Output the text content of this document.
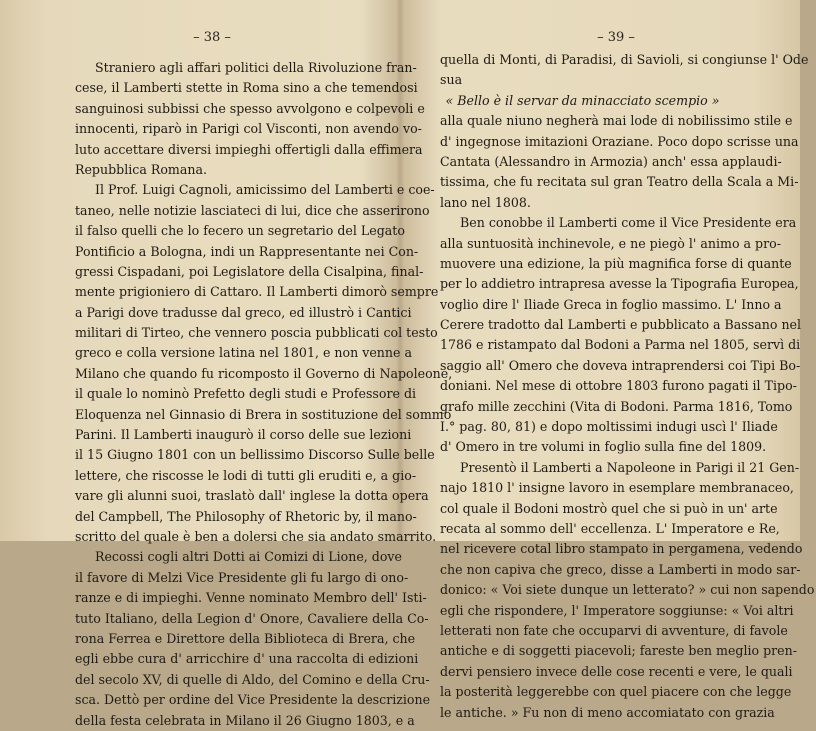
– 38 –
Straniero agli affari politici della Rivoluzione fran-
cese, il Lamberti stette in Roma sino a che temendosi
sanguinosi subbissi che spesso avvolgono e colpevoli e
innocenti, riparò in Parigi col Visconti, non avendo vo-
luto accettare diversi impieghi offertigli dalla effimera
Repubblica Romana.
Il Prof. Luigi Cagnoli, amicissimo del Lamberti e coe-
taneo, nelle notizie lasciateci di lui, dice che asserirono
il falso quelli che lo fecero un segretario del Legato
Pontificio a Bologna, indi un Rappresentante nei Con-
gressi Cispadani, poi Legislatore della Cisalpina, final-
mente prigioniero di Cattaro. Il Lamberti dimorò sempre
a Parigi dove tradusse dal greco, ed illustrò i Cantici
militari di Tirteo, che vennero poscia pubblicati col testo
greco e colla versione latina nel 1801, e non venne a
Milano che quando fu ricomposto il Governo di Napoleone,
il quale lo nominò Prefetto degli studi e Professore di
Eloquenza nel Ginnasio di Brera in sostituzione del sommo
Parini. Il Lamberti inaugurò il corso delle sue lezioni
il 15 Giugno 1801 con un bellissimo Discorso Sulle belle
lettere, che riscosse le lodi di tutti gli eruditi e, a gio-
vare gli alunni suoi, traslatò dall' inglese la dotta opera
del Campbell, The Philosophy of Rhetoric by, il mano-
scritto del quale è ben a dolersi che sia andato smarrito.
Recossi cogli altri Dotti ai Comizi di Lione, dove
il favore di Melzi Vice Presidente gli fu largo di ono-
ranze e di impieghi. Venne nominato Membro dell' Isti-
tuto Italiano, della Legion d' Onore, Cavaliere della Co-
rona Ferrea e Direttore della Biblioteca di Brera, che
egli ebbe cura d' arricchire d' una raccolta di edizioni
del secolo XV, di quelle di Aldo, del Comino e della Cru-
sca. Dettò per ordine del Vice Presidente la descrizione
della festa celebrata in Milano il 26 Giugno 1803, e a
– 39 –
quella di Monti, di Paradisi, di Savioli, si congiunse l' Ode
sua
« Bello è il servar da minacciato scempio »
alla quale niuno negherà mai lode di nobilissimo stile e
d' ingegnose imitazioni Oraziane. Poco dopo scrisse una
Cantata (Alessandro in Armozia) anch' essa applaudi-
tissima, che fu recitata sul gran Teatro della Scala a Mi-
lano nel 1808.
Ben conobbe il Lamberti come il Vice Presidente era
alla suntuosità inchinevole, e ne piegò l' animo a pro-
muovere una edizione, la più magnifica forse di quante
per lo addietro intrapresa avesse la Tipografia Europea,
voglio dire l' Iliade Greca in foglio massimo. L' Inno a
Cerere tradotto dal Lamberti e pubblicato a Bassano nel
1786 e ristampato dal Bodoni a Parma nel 1805, servì di
saggio all' Omero che doveva intraprendersi coi Tipi Bo-
doniani. Nel mese di ottobre 1803 furono pagati il Tipo-
grafo mille zecchini (Vita di Bodoni. Parma 1816, Tomo
I.° pag. 80, 81) e dopo moltissimi indugi uscì l' Iliade
d' Omero in tre volumi in foglio sulla fine del 1809.
Presentò il Lamberti a Napoleone in Parigi il 21 Gen-
najo 1810 l' insigne lavoro in esemplare membranaceo,
col quale il Bodoni mostrò quel che si può in un' arte
recata al sommo dell' eccellenza. L' Imperatore e Re,
nel ricevere cotal libro stampato in pergamena, vedendo
che non capiva che greco, disse a Lamberti in modo sar-
donico: « Voi siete dunque un letterato? » cui non sapendo
egli che rispondere, l' Imperatore soggiunse: « Voi altri
letterati non fate che occuparvi di avventure, di favole
antiche e di soggetti piacevoli; fareste ben meglio pren-
dervi pensiero invece delle cose recenti e vere, le quali
la posterità leggerebbe con quel piacere con che legge
le antiche. » Fu non di meno accomiatato con grazia
